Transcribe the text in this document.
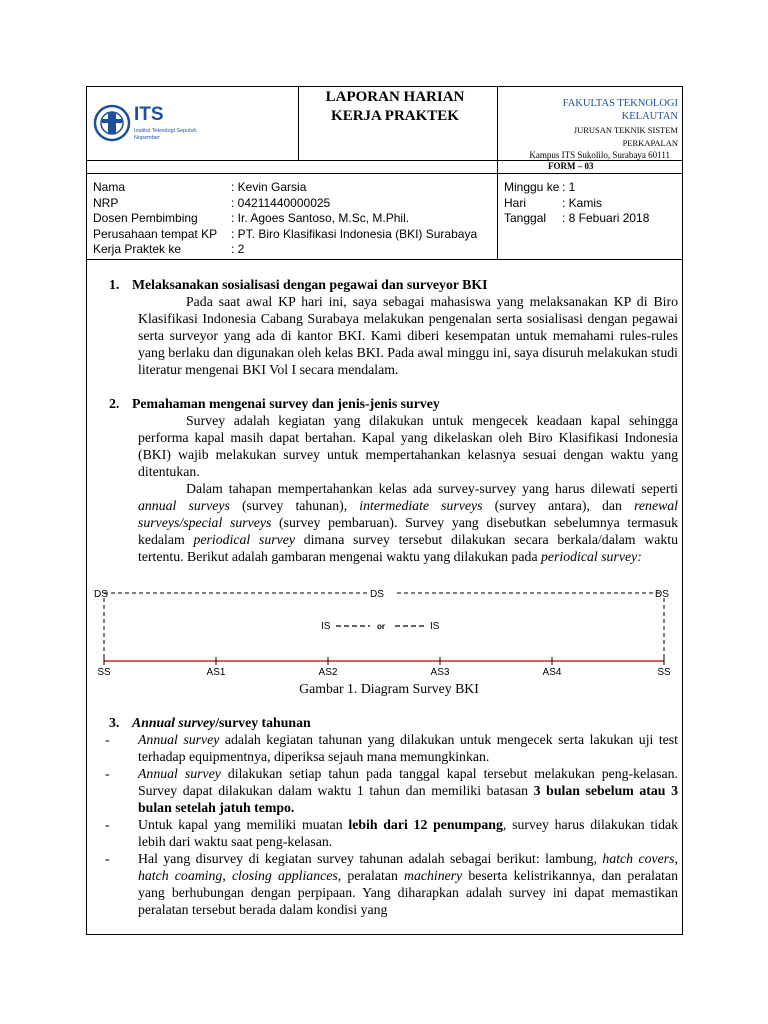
ITS
Institut Teknologi Sepuluh Nopember
LAPORAN HARIAN
KERJA PRAKTEK
FAKULTAS TEKNOLOGI
KELAUTAN
JURUSAN TEKNIK SISTEM
PERKAPALAN
Kampus ITS Sukolilo, Surabaya 60111
FORM – 03
Nama	: Kevin Garsia
NRP	: 04211440000025
Dosen Pembimbing	: Ir. Agoes Santoso, M.Sc, M.Phil.
Perusahaan tempat KP	: PT. Biro Klasifikasi Indonesia (BKI) Surabaya
Kerja Praktek ke	: 2
Minggu ke : 1
Hari	: Kamis
Tanggal	: 8 Febuari 2018
1. Melaksanakan sosialisasi dengan pegawai dan surveyor BKI

Pada saat awal KP hari ini, saya sebagai mahasiswa yang melaksanakan KP di Biro Klasifikasi Indonesia Cabang Surabaya melakukan pengenalan serta sosialisasi dengan pegawai serta surveyor yang ada di kantor BKI. Kami diberi kesempatan untuk memahami rules-rules yang berlaku dan digunakan oleh kelas BKI. Pada awal minggu ini, saya disuruh melakukan studi literatur mengenai BKI Vol I secara mendalam.

2. Pemahaman mengenai survey dan jenis-jenis survey

Survey adalah kegiatan yang dilakukan untuk mengecek keadaan kapal sehingga performa kapal masih dapat bertahan. Kapal yang dikelaskan oleh Biro Klasifikasi Indonesia (BKI) wajib melakukan survey untuk mempertahankan kelasnya sesuai dengan waktu yang ditentukan.

Dalam tahapan mempertahankan kelas ada survey-survey yang harus dilewati seperti annual surveys (survey tahunan), intermediate surveys (survey antara), dan renewal surveys/special surveys (survey pembaruan). Survey yang disebutkan sebelumnya termasuk kedalam periodical survey dimana survey tersebut dilakukan secara berkala/dalam waktu tertentu. Berikut adalah gambaran mengenai waktu yang dilakukan pada periodical survey:

DS	DS	DS
IS	or	IS
SS	AS1	AS2	AS3	AS4	SS
Gambar 1. Diagram Survey BKI
3. Annual survey/survey tahunan
-	Annual survey adalah kegiatan tahunan yang dilakukan untuk mengecek serta lakukan uji test terhadap equipmentnya, diperiksa sejauh mana memungkinkan.
-	Annual survey dilakukan setiap tahun pada tanggal kapal tersebut melakukan peng-kelasan. Survey dapat dilakukan dalam waktu 1 tahun dan memiliki batasan 3 bulan sebelum atau 3 bulan setelah jatuh tempo.
-	Untuk kapal yang memiliki muatan lebih dari 12 penumpang, survey harus dilakukan tidak lebih dari waktu saat peng-kelasan.
-	Hal yang disurvey di kegiatan survey tahunan adalah sebagai berikut: lambung, hatch covers, hatch coaming, closing appliances, peralatan machinery beserta kelistrikannya, dan peralatan yang berhubungan dengan perpipaan. Yang diharapkan adalah survey ini dapat memastikan peralatan tersebut berada dalam kondisi yang
